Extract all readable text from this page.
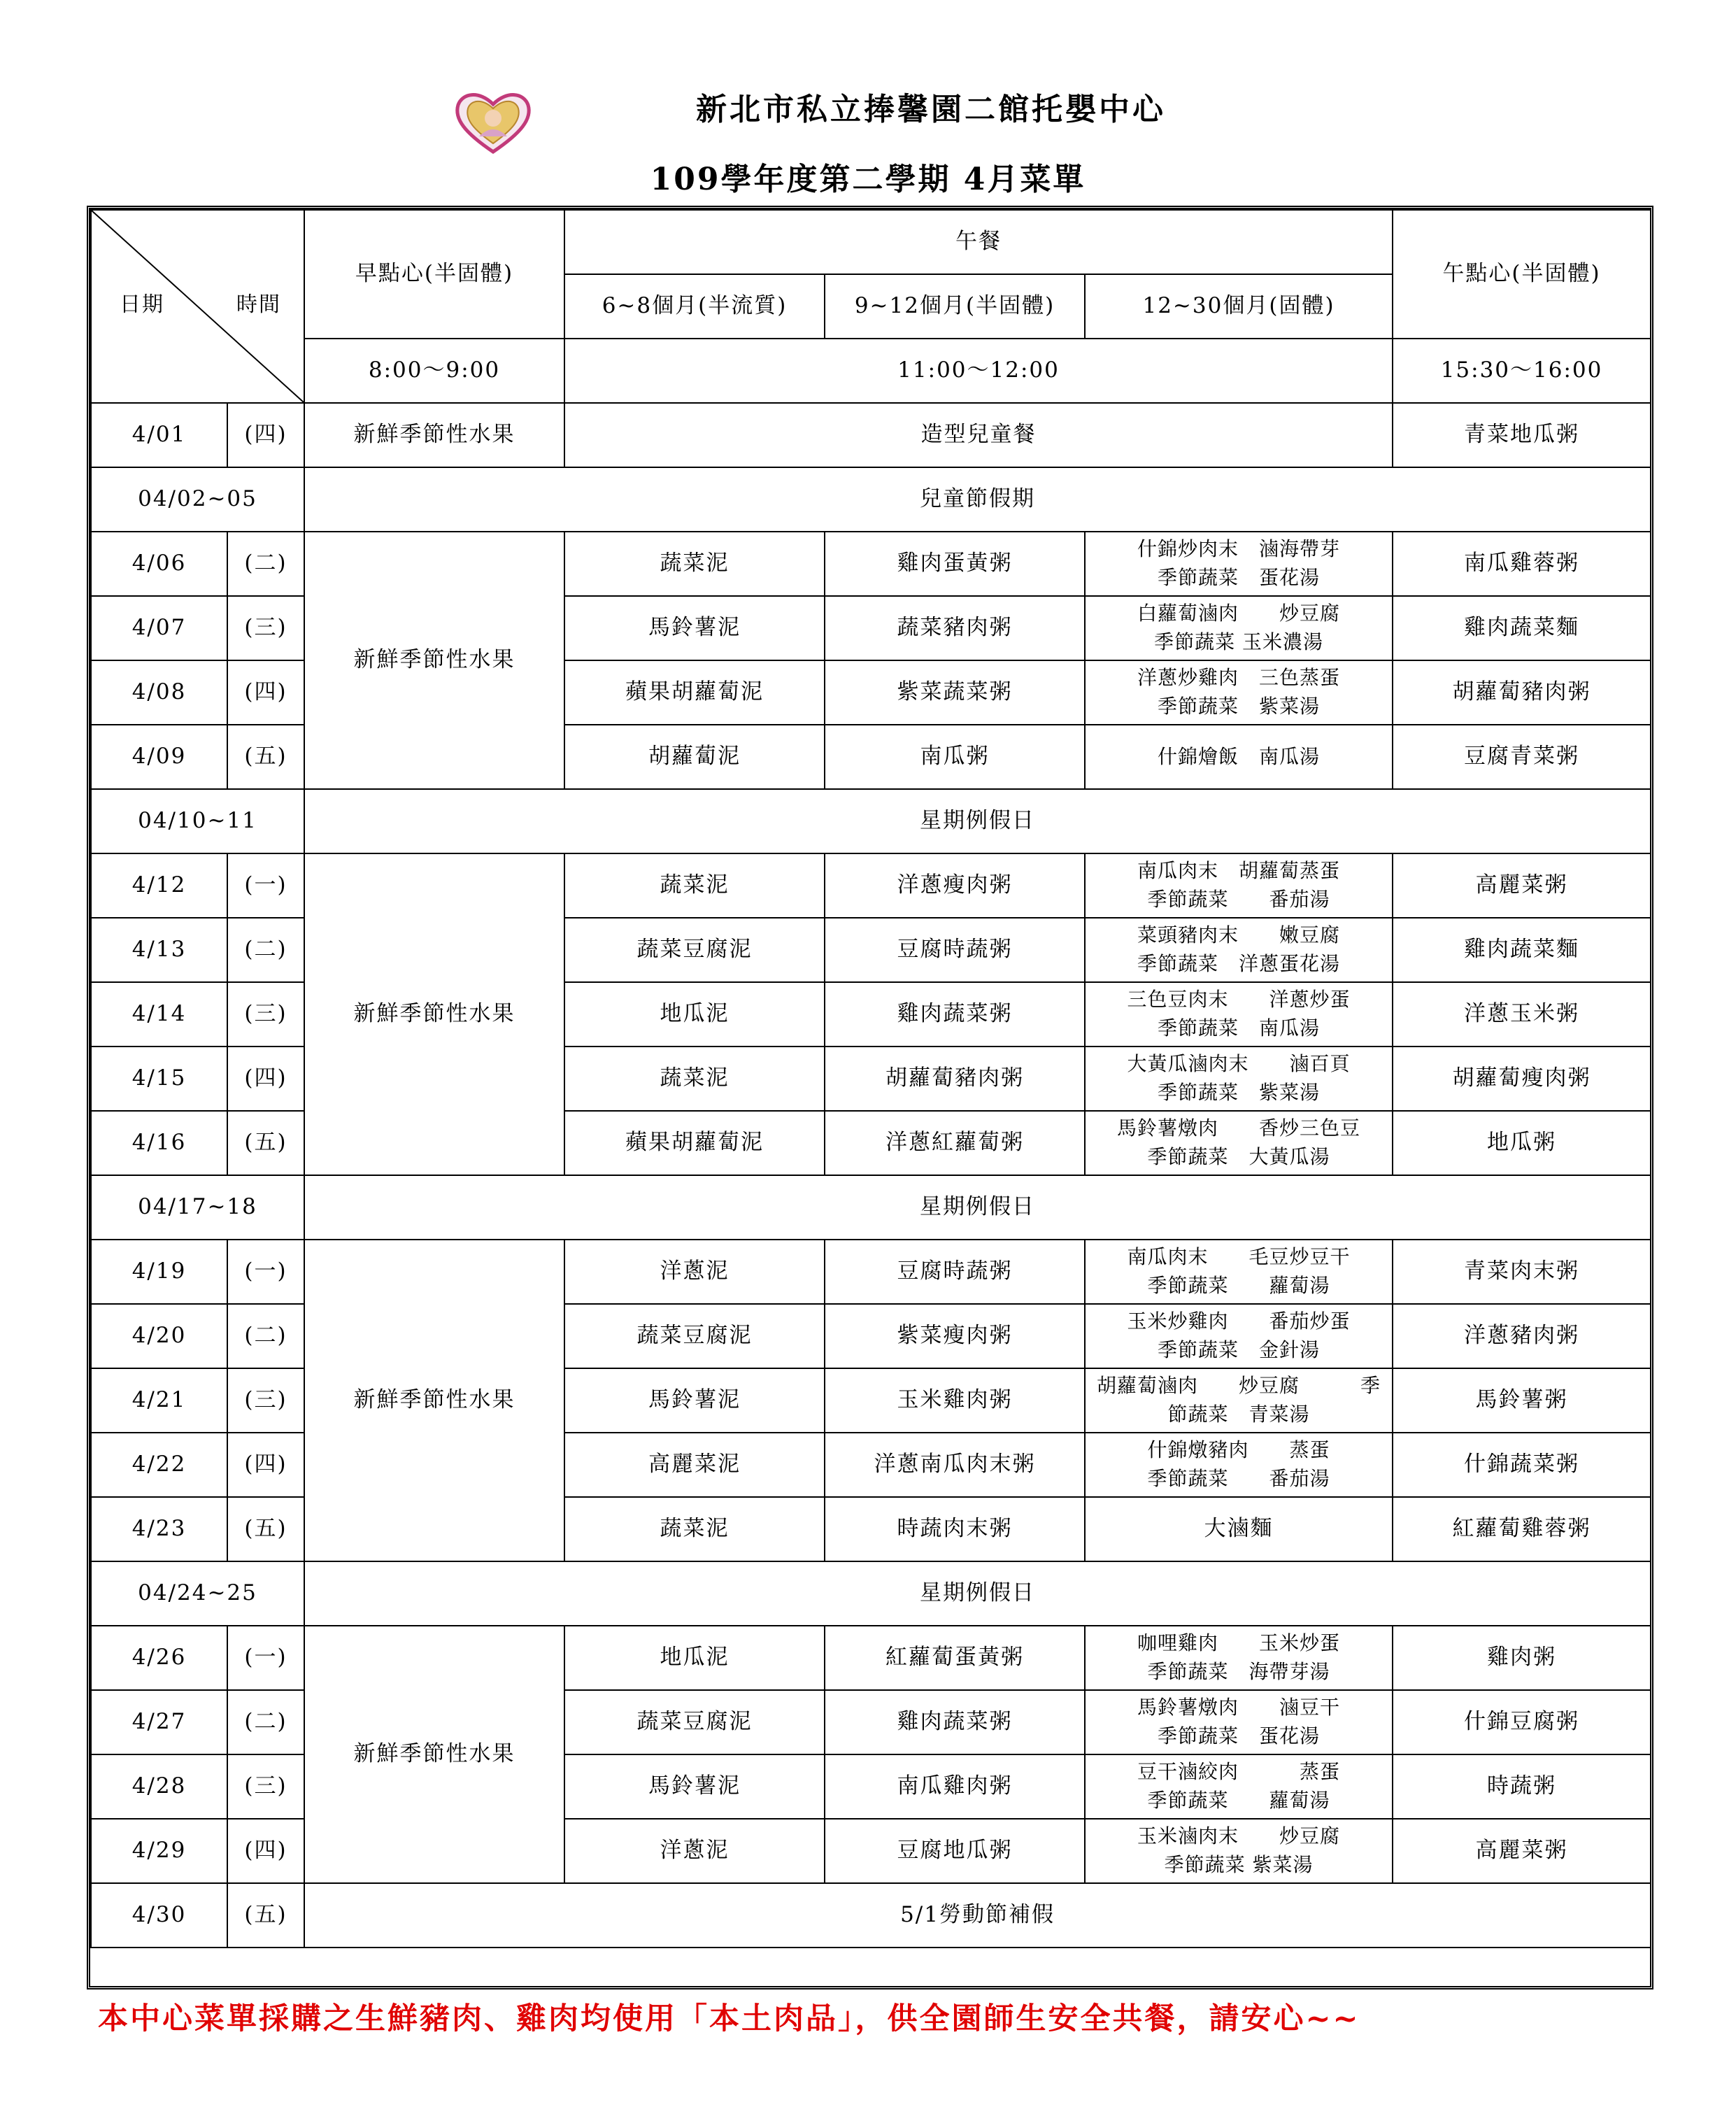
新北市私立捧馨園二館托嬰中心
109學年度第二學期 4月菜單
日期 時間		早點心(半固體)	午餐			午點心(半固體)
			6~8個月(半流質)	9~12個月(半固體)	12~30個月(固體)	
		8:00～9:00	11:00～12:00			15:30～16:00
4/01	(四)	新鮮季節性水果	造型兒童餐			青菜地瓜粥
04/02~05		兒童節假期				
4/06	(二)	新鮮季節性水果	蔬菜泥	雞肉蛋黃粥	什錦炒肉末　滷海帶芽
季節蔬菜　蛋花湯	南瓜雞蓉粥
4/07	(三)		馬鈴薯泥	蔬菜豬肉粥	白蘿蔔滷肉　　炒豆腐
季節蔬菜 玉米濃湯	雞肉蔬菜麵
4/08	(四)		蘋果胡蘿蔔泥	紫菜蔬菜粥	洋蔥炒雞肉　三色蒸蛋
季節蔬菜　紫菜湯	胡蘿蔔豬肉粥
4/09	(五)		胡蘿蔔泥	南瓜粥	什錦燴飯　南瓜湯	豆腐青菜粥
04/10~11		星期例假日				
4/12	(一)	新鮮季節性水果	蔬菜泥	洋蔥瘦肉粥	南瓜肉末　胡蘿蔔蒸蛋
季節蔬菜　　番茄湯	高麗菜粥
4/13	(二)		蔬菜豆腐泥	豆腐時蔬粥	菜頭豬肉末　　嫩豆腐
季節蔬菜　洋蔥蛋花湯	雞肉蔬菜麵
4/14	(三)		地瓜泥	雞肉蔬菜粥	三色豆肉末　　洋蔥炒蛋
季節蔬菜　南瓜湯	洋蔥玉米粥
4/15	(四)		蔬菜泥	胡蘿蔔豬肉粥	大黃瓜滷肉末　　滷百頁
季節蔬菜　紫菜湯	胡蘿蔔瘦肉粥
4/16	(五)		蘋果胡蘿蔔泥	洋蔥紅蘿蔔粥	馬鈴薯燉肉　　香炒三色豆
季節蔬菜　大黃瓜湯	地瓜粥
04/17~18		星期例假日				
4/19	(一)	新鮮季節性水果	洋蔥泥	豆腐時蔬粥	南瓜肉末　　毛豆炒豆干
季節蔬菜　　蘿蔔湯	青菜肉末粥
4/20	(二)		蔬菜豆腐泥	紫菜瘦肉粥	玉米炒雞肉　　番茄炒蛋
季節蔬菜　金針湯	洋蔥豬肉粥
4/21	(三)		馬鈴薯泥	玉米雞肉粥	胡蘿蔔滷肉　　炒豆腐　　　季
節蔬菜　青菜湯	馬鈴薯粥
4/22	(四)		高麗菜泥	洋蔥南瓜肉末粥	什錦燉豬肉　　蒸蛋
季節蔬菜　　番茄湯	什錦蔬菜粥
4/23	(五)		蔬菜泥	時蔬肉末粥	大滷麵	紅蘿蔔雞蓉粥
04/24~25		星期例假日				
4/26	(一)	新鮮季節性水果	地瓜泥	紅蘿蔔蛋黃粥	咖哩雞肉　　玉米炒蛋
季節蔬菜　海帶芽湯	雞肉粥
4/27	(二)		蔬菜豆腐泥	雞肉蔬菜粥	馬鈴薯燉肉　　滷豆干
季節蔬菜　蛋花湯	什錦豆腐粥
4/28	(三)		馬鈴薯泥	南瓜雞肉粥	豆干滷絞肉　　　蒸蛋
季節蔬菜　　蘿蔔湯	時蔬粥
4/29	(四)		洋蔥泥	豆腐地瓜粥	玉米滷肉末　　炒豆腐
季節蔬菜 紫菜湯	高麗菜粥
4/30	(五)	5/1勞動節補假				
本中心菜單採購之生鮮豬肉、雞肉均使用「本土肉品」，供全園師生安全共餐，請安心~~
